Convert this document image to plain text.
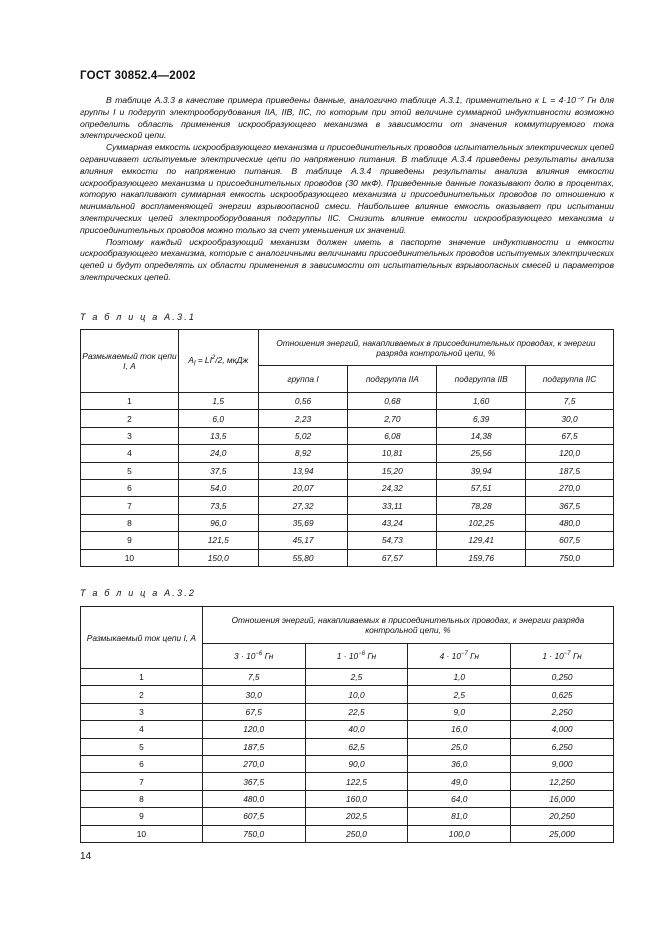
ГОСТ 30852.4—2002

В таблице А.3.3 в качестве примера приведены данные, аналогично таблице А.3.1, применительно к L = 4·10⁻⁷ Гн для группы I и подгрупп электрооборудования IIA, IIB, IIC, по которым при этой величине суммарной индуктивности возможно определить область применения искрообразующего механизма в зависимости от значения коммутируемого тока электрической цепи.

Суммарная емкость искрообразующего механизма и присоединительных проводов испытательных электрических цепей ограничивает испытуемые электрические цепи по напряжению питания. В таблице А.3.4 приведены результаты анализа влияния емкости по напряжению питания. В таблице А.3.4 приведены результаты анализа влияния емкости искрообразующего механизма и присоединительных проводов (30 мкФ). Приведенные данные показывают долю в процентах, которую накапливают суммарная емкость искрообразующего механизма и присоединительных проводов по отношению к минимальной воспламеняющей энергии взрывоопасной смеси. Наибольшее влияние емкость оказывает при испытании электрических цепей электрооборудования подгруппы IIC. Снизить влияние емкости искрообразующего механизма и присоединительных проводов можно только за счет уменьшения их значений.

Поэтому каждый искрообразующий механизм должен иметь в паспорте значение индуктивности и емкости искрообразующего механизма, которые с аналогичными величинами присоединительных проводов испытуемых электрических цепей и будут определять их области применения в зависимости от испытательных взрывоопасных смесей и параметров электрических цепей.

Т а б л и ц а А.3.1
Размыкаемый ток цепи I, А	$A_l = LI^2/2$, мкДж	Отношения энергий, накапливаемых в присоединительных проводах, к энергии разряда контрольной цепи, %			
		группа I	подгруппа IIA	подгруппа IIB	подгруппа IIC
1	1,5	0,56	0,68	1,60	7,5
2	6,0	2,23	2,70	6,39	30,0
3	13,5	5,02	6,08	14,38	67,5
4	24,0	8,92	10,81	25,56	120,0
5	37,5	13,94	15,20	39,94	187,5
6	54,0	20,07	24,32	57,51	270,0
7	73,5	27,32	33,11	78,28	367,5
8	96,0	35,69	43,24	102,25	480,0
9	121,5	45,17	54,73	129,41	607,5
10	150,0	55,80	67,57	159,76	750,0
Т а б л и ц а А.3.2
Размыкаемый ток цепи I, А	Отношения энергий, накапливаемых в присоединительных проводах, к энергии разряда контрольной цепи, %			
	$3 \cdot 10^{-6}$ Гн	$1 \cdot 10^{-6}$ Гн	$4 \cdot 10^{-7}$ Гн	$1 \cdot 10^{-7}$ Гн
1	7,5	2,5	1,0	0,250
2	30,0	10,0	2,5	0,625
3	67,5	22,5	9,0	2,250
4	120,0	40,0	16,0	4,000
5	187,5	62,5	25,0	6,250
6	270,0	90,0	36,0	9,000
7	367,5	122,5	49,0	12,250
8	480,0	160,0	64,0	16,000
9	607,5	202,5	81,0	20,250
10	750,0	250,0	100,0	25,000
14
